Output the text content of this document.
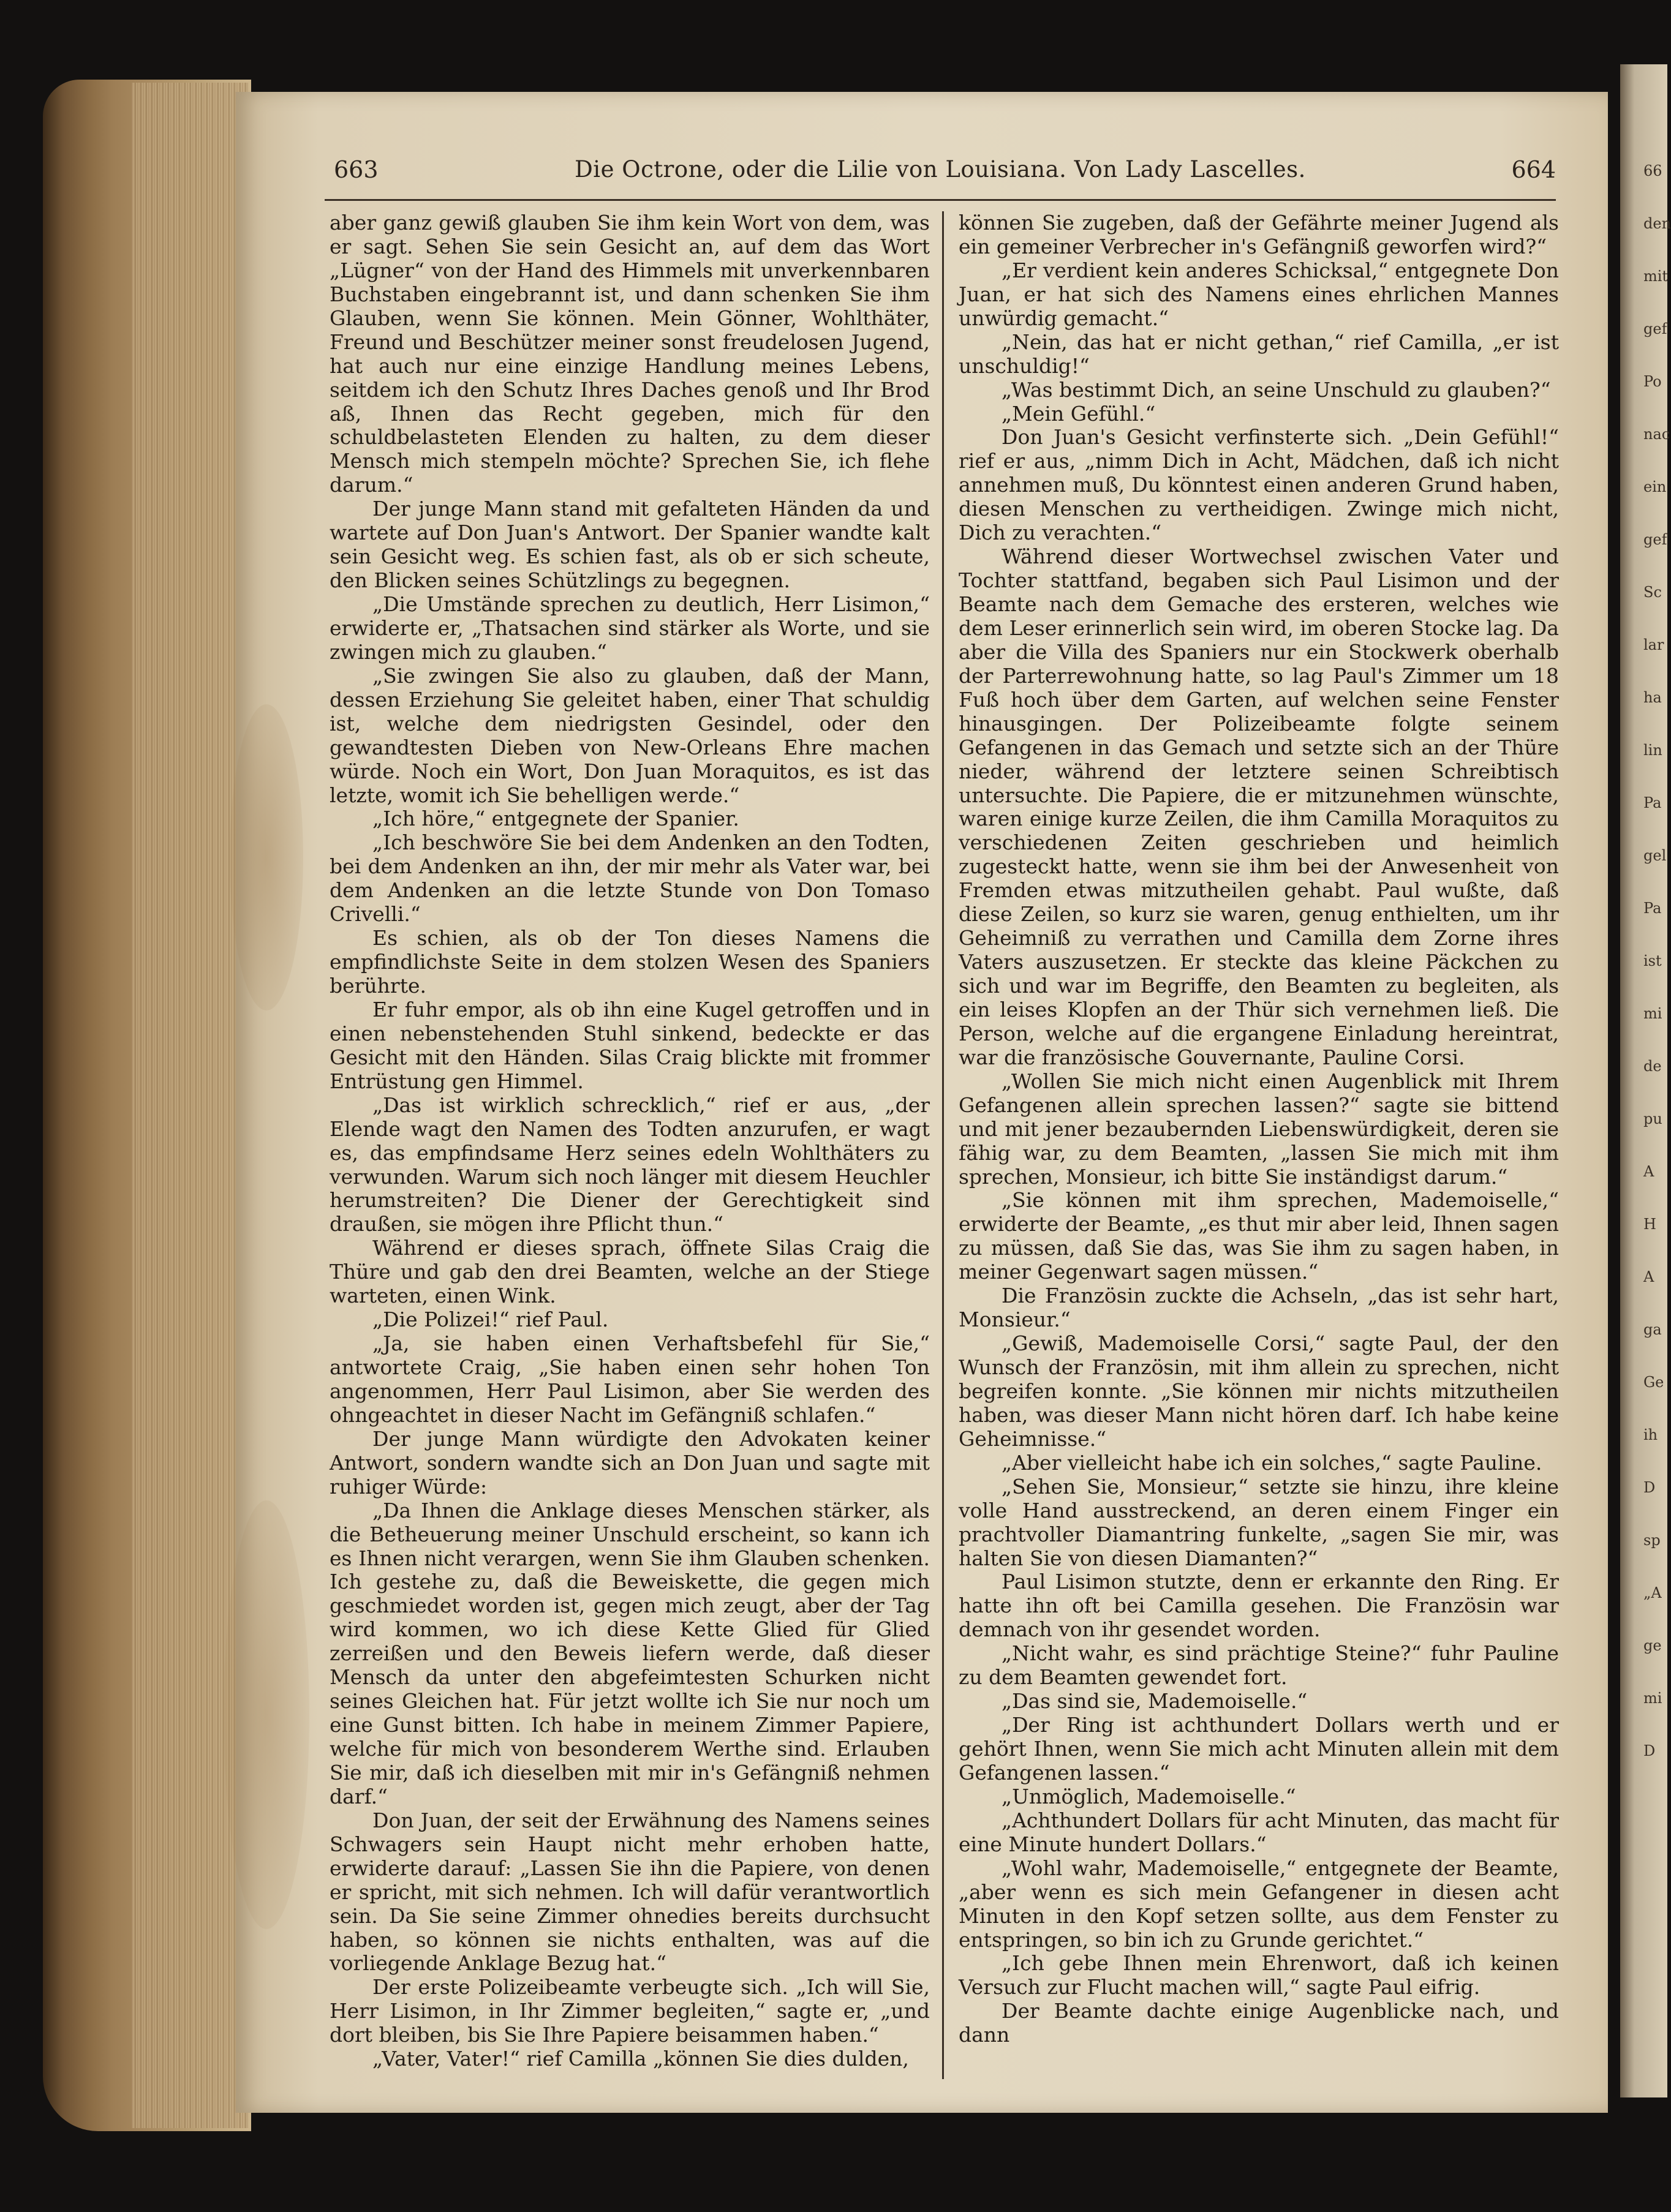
66
den
mit
gef
Po
nac
ein
gef
Sc
lar
ha
lin
Pa
gel
Pa
ist
mi
de
pu
A
H
A
ga
Ge
ih
D
sp
„A
ge
mi
D
663	Die Octrone, oder die Lilie von Louisiana. Von Lady Lascelles.	664

aber ganz gewiß glauben Sie ihm kein Wort von dem, was er sagt. Sehen Sie sein Gesicht an, auf dem das Wort „Lügner“ von der Hand des Himmels mit unverkennbaren Buchstaben eingebrannt ist, und dann schenken Sie ihm Glauben, wenn Sie können. Mein Gönner, Wohlthäter, Freund und Beschützer meiner sonst freudelosen Jugend, hat auch nur eine einzige Handlung meines Lebens, seitdem ich den Schutz Ihres Daches genoß und Ihr Brod aß, Ihnen das Recht gegeben, mich für den schuldbelasteten Elenden zu halten, zu dem dieser Mensch mich stempeln möchte? Sprechen Sie, ich flehe darum.“

Der junge Mann stand mit gefalteten Händen da und wartete auf Don Juan's Antwort. Der Spanier wandte kalt sein Gesicht weg. Es schien fast, als ob er sich scheute, den Blicken seines Schützlings zu begegnen.

„Die Umstände sprechen zu deutlich, Herr Lisimon,“ erwiderte er, „Thatsachen sind stärker als Worte, und sie zwingen mich zu glauben.“

„Sie zwingen Sie also zu glauben, daß der Mann, dessen Erziehung Sie geleitet haben, einer That schuldig ist, welche dem niedrigsten Gesindel, oder den gewandtesten Dieben von New-Orleans Ehre machen würde. Noch ein Wort, Don Juan Moraquitos, es ist das letzte, womit ich Sie behelligen werde.“

„Ich höre,“ entgegnete der Spanier.

„Ich beschwöre Sie bei dem Andenken an den Todten, bei dem Andenken an ihn, der mir mehr als Vater war, bei dem Andenken an die letzte Stunde von Don Tomaso Crivelli.“

Es schien, als ob der Ton dieses Namens die empfindlichste Seite in dem stolzen Wesen des Spaniers berührte.

Er fuhr empor, als ob ihn eine Kugel getroffen und in einen nebenstehenden Stuhl sinkend, bedeckte er das Gesicht mit den Händen. Silas Craig blickte mit frommer Entrüstung gen Himmel.

„Das ist wirklich schrecklich,“ rief er aus, „der Elende wagt den Namen des Todten anzurufen, er wagt es, das empfindsame Herz seines edeln Wohlthäters zu verwunden. Warum sich noch länger mit diesem Heuchler herumstreiten? Die Diener der Gerechtigkeit sind draußen, sie mögen ihre Pflicht thun.“

Während er dieses sprach, öffnete Silas Craig die Thüre und gab den drei Beamten, welche an der Stiege warteten, einen Wink.

„Die Polizei!“ rief Paul.

„Ja, sie haben einen Verhaftsbefehl für Sie,“ antwortete Craig, „Sie haben einen sehr hohen Ton angenommen, Herr Paul Lisimon, aber Sie werden des ohngeachtet in dieser Nacht im Gefängniß schlafen.“

Der junge Mann würdigte den Advokaten keiner Antwort, sondern wandte sich an Don Juan und sagte mit ruhiger Würde:

„Da Ihnen die Anklage dieses Menschen stärker, als die Betheuerung meiner Unschuld erscheint, so kann ich es Ihnen nicht verargen, wenn Sie ihm Glauben schenken. Ich gestehe zu, daß die Beweiskette, die gegen mich geschmiedet worden ist, gegen mich zeugt, aber der Tag wird kommen, wo ich diese Kette Glied für Glied zerreißen und den Beweis liefern werde, daß dieser Mensch da unter den abgefeimtesten Schurken nicht seines Gleichen hat. Für jetzt wollte ich Sie nur noch um eine Gunst bitten. Ich habe in meinem Zimmer Papiere, welche für mich von besonderem Werthe sind. Erlauben Sie mir, daß ich dieselben mit mir in's Gefängniß nehmen darf.“

Don Juan, der seit der Erwähnung des Namens seines Schwagers sein Haupt nicht mehr erhoben hatte, erwiderte darauf: „Lassen Sie ihn die Papiere, von denen er spricht, mit sich nehmen. Ich will dafür verantwortlich sein. Da Sie seine Zimmer ohnedies bereits durchsucht haben, so können sie nichts enthalten, was auf die vorliegende Anklage Bezug hat.“

Der erste Polizeibeamte verbeugte sich. „Ich will Sie, Herr Lisimon, in Ihr Zimmer begleiten,“ sagte er, „und dort bleiben, bis Sie Ihre Papiere beisammen haben.“

„Vater, Vater!“ rief Camilla „können Sie dies dulden,

können Sie zugeben, daß der Gefährte meiner Jugend als ein gemeiner Verbrecher in's Gefängniß geworfen wird?“

„Er verdient kein anderes Schicksal,“ entgegnete Don Juan, er hat sich des Namens eines ehrlichen Mannes unwürdig gemacht.“

„Nein, das hat er nicht gethan,“ rief Camilla, „er ist unschuldig!“

„Was bestimmt Dich, an seine Unschuld zu glauben?“

„Mein Gefühl.“

Don Juan's Gesicht verfinsterte sich. „Dein Gefühl!“ rief er aus, „nimm Dich in Acht, Mädchen, daß ich nicht annehmen muß, Du könntest einen anderen Grund haben, diesen Menschen zu vertheidigen. Zwinge mich nicht, Dich zu verachten.“

Während dieser Wortwechsel zwischen Vater und Tochter stattfand, begaben sich Paul Lisimon und der Beamte nach dem Gemache des ersteren, welches wie dem Leser erinnerlich sein wird, im oberen Stocke lag. Da aber die Villa des Spaniers nur ein Stockwerk oberhalb der Parterrewohnung hatte, so lag Paul's Zimmer um 18 Fuß hoch über dem Garten, auf welchen seine Fenster hinausgingen. Der Polizeibeamte folgte seinem Gefangenen in das Gemach und setzte sich an der Thüre nieder, während der letztere seinen Schreibtisch untersuchte. Die Papiere, die er mitzunehmen wünschte, waren einige kurze Zeilen, die ihm Camilla Moraquitos zu verschiedenen Zeiten geschrieben und heimlich zugesteckt hatte, wenn sie ihm bei der Anwesenheit von Fremden etwas mitzutheilen gehabt. Paul wußte, daß diese Zeilen, so kurz sie waren, genug enthielten, um ihr Geheimniß zu verrathen und Camilla dem Zorne ihres Vaters auszusetzen. Er steckte das kleine Päckchen zu sich und war im Begriffe, den Beamten zu begleiten, als ein leises Klopfen an der Thür sich vernehmen ließ. Die Person, welche auf die ergangene Einladung hereintrat, war die französische Gouvernante, Pauline Corsi.

„Wollen Sie mich nicht einen Augenblick mit Ihrem Gefangenen allein sprechen lassen?“ sagte sie bittend und mit jener bezaubernden Liebenswürdigkeit, deren sie fähig war, zu dem Beamten, „lassen Sie mich mit ihm sprechen, Monsieur, ich bitte Sie inständigst darum.“

„Sie können mit ihm sprechen, Mademoiselle,“ erwiderte der Beamte, „es thut mir aber leid, Ihnen sagen zu müssen, daß Sie das, was Sie ihm zu sagen haben, in meiner Gegenwart sagen müssen.“

Die Französin zuckte die Achseln, „das ist sehr hart, Monsieur.“

„Gewiß, Mademoiselle Corsi,“ sagte Paul, der den Wunsch der Französin, mit ihm allein zu sprechen, nicht begreifen konnte. „Sie können mir nichts mitzutheilen haben, was dieser Mann nicht hören darf. Ich habe keine Geheimnisse.“

„Aber vielleicht habe ich ein solches,“ sagte Pauline.

„Sehen Sie, Monsieur,“ setzte sie hinzu, ihre kleine volle Hand ausstreckend, an deren einem Finger ein prachtvoller Diamantring funkelte, „sagen Sie mir, was halten Sie von diesen Diamanten?“

Paul Lisimon stutzte, denn er erkannte den Ring. Er hatte ihn oft bei Camilla gesehen. Die Französin war demnach von ihr gesendet worden.

„Nicht wahr, es sind prächtige Steine?“ fuhr Pauline zu dem Beamten gewendet fort.

„Das sind sie, Mademoiselle.“

„Der Ring ist achthundert Dollars werth und er gehört Ihnen, wenn Sie mich acht Minuten allein mit dem Gefangenen lassen.“

„Unmöglich, Mademoiselle.“

„Achthundert Dollars für acht Minuten, das macht für eine Minute hundert Dollars.“

„Wohl wahr, Mademoiselle,“ entgegnete der Beamte, „aber wenn es sich mein Gefangener in diesen acht Minuten in den Kopf setzen sollte, aus dem Fenster zu entspringen, so bin ich zu Grunde gerichtet.“

„Ich gebe Ihnen mein Ehrenwort, daß ich keinen Versuch zur Flucht machen will,“ sagte Paul eifrig.

Der Beamte dachte einige Augenblicke nach, und dann
